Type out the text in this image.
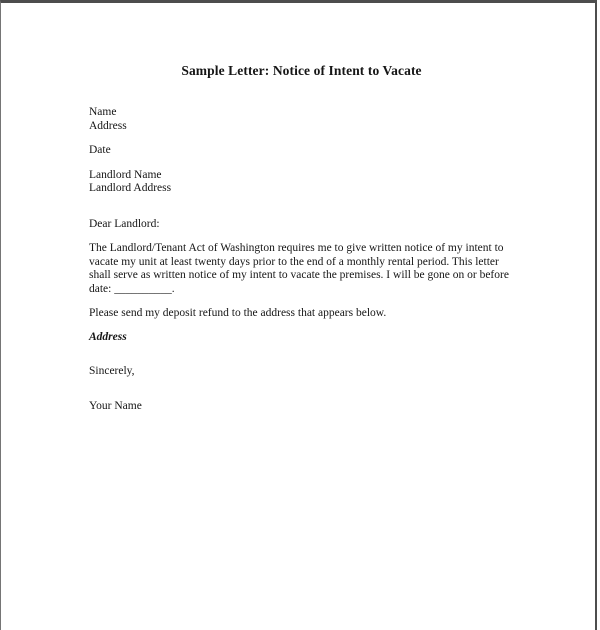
Sample Letter: Notice of Intent to Vacate
Name
Address
Date
Landlord Name
Landlord Address
Dear Landlord:

The Landlord/Tenant Act of Washington requires me to give written notice of my intent to vacate my unit at least twenty days prior to the end of a monthly rental period. This letter shall serve as written notice of my intent to vacate the premises. I will be gone on or before date: __________.

Please send my deposit refund to the address that appears below.
Address
Sincerely,
Your Name
